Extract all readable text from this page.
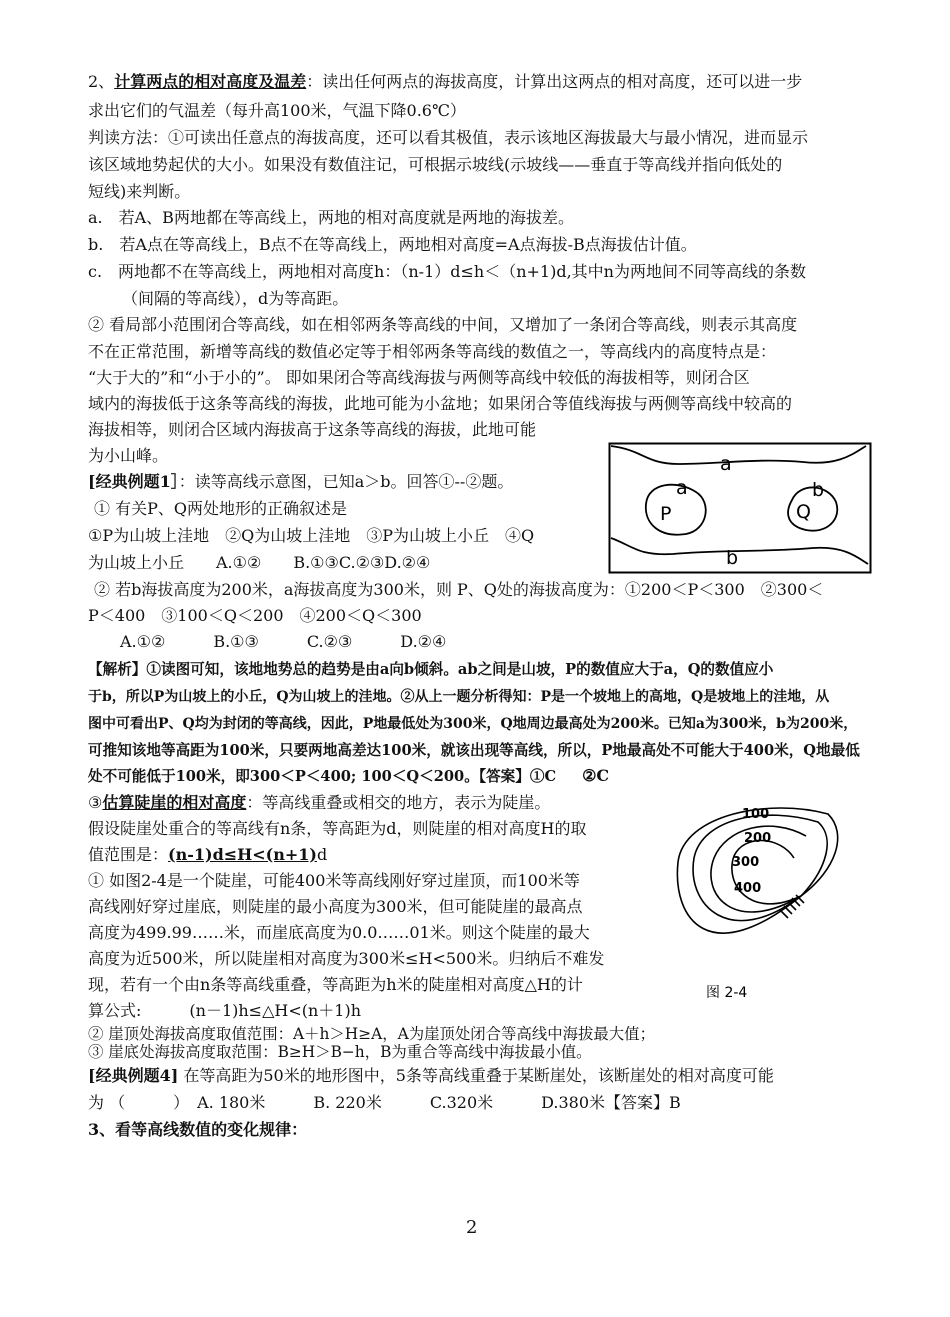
2、计算两点的相对高度及温差：读出任何两点的海拔高度，计算出这两点的相对高度，还可以进一步
求出它们的气温差（每升高100米，气温下降0.6℃）
判读方法：①可读出任意点的海拔高度，还可以看其极值，表示该地区海拔最大与最小情况，进而显示
该区域地势起伏的大小。如果没有数值注记，可根据示坡线(示坡线——垂直于等高线并指向低处的
短线)来判断。
a.　若A、B两地都在等高线上，两地的相对高度就是两地的海拔差。
b.　若A点在等高线上，B点不在等高线上，两地相对高度=A点海拔-B点海拔估计值。
c.　两地都不在等高线上，两地相对高度h：（n-1）d≤h＜（n+1)d,其中n为两地间不同等高线的条数
（间隔的等高线），d为等高距。
② 看局部小范围闭合等高线，如在相邻两条等高线的中间，又增加了一条闭合等高线，则表示其高度
不在正常范围，新增等高线的数值必定等于相邻两条等高线的数值之一，等高线内的高度特点是：
“大于大的”和“小于小的”。 即如果闭合等高线海拔与两侧等高线中较低的海拔相等，则闭合区
域内的海拔低于这条等高线的海拔，此地可能为小盆地；如果闭合等值线海拔与两侧等高线中较高的
海拔相等，则闭合区域内海拔高于这条等高线的海拔，此地可能
为小山峰。
[经典例题1］：读等高线示意图，已知a＞b。回答①--②题。
① 有关P、Q两处地形的正确叙述是
①P为山坡上洼地　②Q为山坡上洼地　③P为山坡上小丘　④Q
为山坡上小丘　　A.①②　　B.①③C.②③D.②④
② 若b海拔高度为200米，a海拔高度为300米，则 P、Q处的海拔高度为：①200＜P＜300　②300＜
P＜400　③100＜Q＜200　④200＜Q＜300
A.①②　　　B.①③　　　C.②③　　　D.②④
【解析】①读图可知，该地地势总的趋势是由a向b倾斜。ab之间是山坡，P的数值应大于a，Q的数值应小
于b，所以P为山坡上的小丘，Q为山坡上的洼地。②从上一题分析得知：P是一个坡地上的高地，Q是坡地上的洼地，从
图中可看出P、Q均为封闭的等高线，因此，P地最低处为300米，Q地周边最高处为200米。已知a为300米，b为200米，
可推知该地等高距为100米，只要两地高差达100米，就该出现等高线，所以，P地最高处不可能大于400米，Q地最低
处不可能低于100米，即300＜P＜400; 100＜Q＜200。【答案】①C ②C
③估算陡崖的相对高度：等高线重叠或相交的地方，表示为陡崖。
假设陡崖处重合的等高线有n条，等高距为d，则陡崖的相对高度H的取
值范围是：(n-1)d≤H<(n+1)d
① 如图2-4是一个陡崖，可能400米等高线刚好穿过崖顶，而100米等
高线刚好穿过崖底，则陡崖的最小高度为300米，但可能陡崖的最高点
高度为499.99……米，而崖底高度为0.0……01米。则这个陡崖的最大
高度为近500米，所以陡崖相对高度为300米≤H<500米。归纳后不难发
现，若有一个由n条等高线重叠，等高距为h米的陡崖相对高度△H的计
算公式:　　　(n－1)h≤△H<(n＋1)h
② 崖顶处海拔高度取值范围：A＋h＞H≥A，A为崖顶处闭合等高线中海拔最大值；
③ 崖底处海拔高度取范围：B≥H＞B−h，B为重合等高线中海拔最小值。
[经典例题4] 在等高距为50米的地形图中，5条等高线重叠于某断崖处，该断崖处的相对高度可能
为 （　　　）　A. 180米　　　B. 220米　　　C.320米　　　D.380米【答案】B
3、看等高线数值的变化规律：
a
a
P
b
Q
b
100
200
300
400
图 2-4
2
